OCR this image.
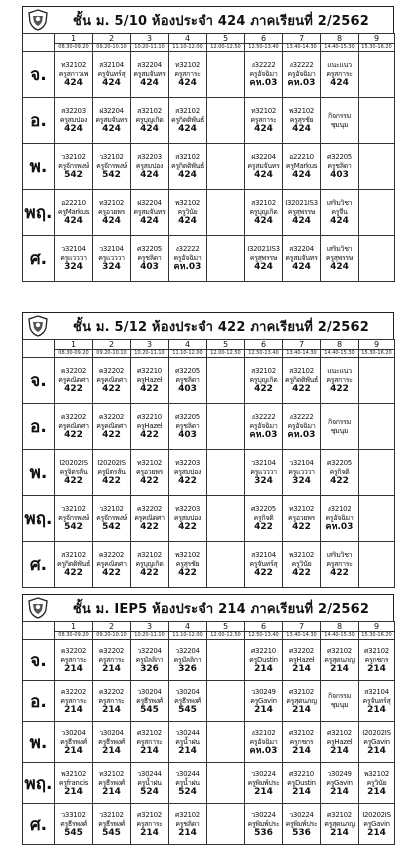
ชั้น ม. 5/10 ห้องประจำ 424 ภาคเรียนที่ 2/2562
	1	2	3	4	5	6	7	8	9
	08.30-09.20	09.20-10.10	10.20-11.10	11.10-12.00	12.00-12.50	12.50-13.40	13.40-14.30	14.40-15.30	15.30-16.20
จ.	ท32102
ครูสกาวเพ
424	ส32104
ครูจันทร์สุ
424	ส32204
ครูสมจันทร
424	ท32102
ครูสการะ
424		ง32222
ครูอัจฉิมา
คห.03	ง32222
ครูอัจฉิมา
คห.03	แนะแนว
ครูสการะ
424	

อ.	ส32203
ครูสมปอง
424	ฝ32204
ครูสมจันทร
424	ส32102
ครูบุญเกิด
424	ส32102
ครูกิตติพันธ์
424		ท32102
ครูสการะ
424	พ32102
ครูสุรชัย
424	กิจกรรม
ชุมนุม	

พ.	ว32102
ครูจักรพงษ์
542	ว32102
ครูจักรพงษ์
542	ส32203
ครูสมปอง
424	ส32102
ครูกิตติพันธ์
424		ฝ32204
ครูสมจันทร
424	อ22210
ครูMarkus
424	ศ32205
ครูชลิดา
403	

พฤ.	อ22210
ครูMarkus
424	ท32102
ครูอวยพร
424	ฝ32204
ครูสมจันทร
424	พ32102
ครูวินัย
424		ส32102
ครูบุญเกิด
424	I32021IS3
ครูสุพรรษ
424	เสริมวิชา
ครูจีน
424	

ศ.	ว32104
ครูแวววา
324	ว32104
ครูแวววา
324	ศ32205
ครูชลิดา
403	ง32222
ครูอัจฉิมา
คห.03		I32021IS3
ครูสุพรรษ
424	ส32204
ครูสมจันทร
424	เสริมวิชา
ครูสุพรรษ
424	

ชั้น ม. 5/12 ห้องประจำ 422 ภาคเรียนที่ 2/2562
	1	2	3	4	5	6	7	8	9
	08.30-09.20	09.20-10.10	10.20-11.10	11.10-12.00	12.00-12.50	12.50-13.40	13.40-14.30	14.40-15.30	15.30-16.20
จ.	ค32202
ครูคณิตศา
422	ค32202
ครูคณิตศา
422	ศ32210
ครูHazel
422	ศ32205
ครูชลิดา
403		ส32102
ครูบุญเกิด
422	ส32102
ครูกิตติพันธ์
422	แนะแนว
ครูสการะ
422	

อ.	ค32202
ครูคณิตศา
422	ค32202
ครูคณิตศา
422	ศ32210
ครูHazel
422	ศ32205
ครูชลิดา
403		ง32222
ครูอัจฉิมา
คห.03	ง32222
ครูอัจฉิมา
คห.03	กิจกรรม
ชุมนุม	

พ.	I20202IS
ครูจิตรลัน
422	I20202IS
ครูมิตรลัน
422	ท32102
ครูอวยพร
422	ท32203
ครูสมปอง
422		ว32104
ครูแวววา
324	ว32104
ครูแวววา
324	ศ32205
ครูกิจติ
422	

พฤ.	ว32102
ครูจักรพงษ์
542	ว32102
ครูจักรพงษ์
542	ค32202
ครูคณิตศา
422	ท32203
ครูสมปอง
422		ศ32205
ครูกิจติ
422	ท32102
ครูอวยพร
422	ง32102
ครูอัจฉิมา
คห.03	

ศ.	ส32102
ครูกิตติพันธ์
422	ค32202
ครูคณิตศา
422	ส32102
ครูบุญเกิด
422	พ32102
ครูสุรชัย
422		ส32104
ครูจันทร์สุ
422	พ32102
ครูวินัย
422	เสริมวิชา
ครูสการะ
422	

ชั้น ม. IEP5 ห้องประจำ 214 ภาคเรียนที่ 2/2562
	1	2	3	4	5	6	7	8	9
	08.30-09.20	09.20-10.10	10.20-11.10	11.10-12.00	12.00-12.50	12.50-13.40	13.40-14.30	14.40-15.30	15.30-16.20
จ.	ค32202
ครูสการะ
214	ค32202
ครูสการะ
214	ว32204
ครูมัลลิกา
326	ว32204
ครูมัลลิกา
326		ศ32210
ครูDustin
214	ศ32202
ครูHazel
214	ศ32102
ครูสุดนภญ
214	ศ32102
ครูกชกร
214

อ.	ค32202
ครูสการะ
214	ค32202
ครูสการะ
214	ว30204
ครูธีรพงศ์
545	ว30204
ครูธีรพงศ์
545		ว30249
ครูGavin
214	ศ32102
ครูสุดนภญ
214	กิจกรรม
ชุมนุม	ส32104
ครูจันทร์สุ
214

พ.	ว30204
ครูธีรพงศ์
214	ว30204
ครูธีรพงศ์
214	ศ32102
ครูสการะ
214	ว30244
ครูน้ำฝน
214		ง32102
ครูอัจฉิมา
คห.03	ศ32102
ครูกชกร
214	ศ32102
ครูHazel
214	I20202IS
ครูGavin
214

พฤ.	พ32102
ครูfrancis
214	ท32102
ครูธีรพงศ์
214	ว30244
ครูน้ำฝน
524	ว30244
ครูน้ำฝน
524		ว30224
ครูพิมพ์ประ
214	ศ32210
ครูDustin
214	ว30249
ครูGavin
214	พ32102
ครูวินัย
214

ศ.	ว33102
ครูธีรพงศ์
545	ว32102
ครูธีรพงศ์
545	ศ32102
ครูสการะ
214	ศ32102
ครูชลิดา
214		ว30224
ครูพิมพ์ประ
536	ว30224
ครูพิมพ์ประ
536	ศ32102
ครูสุดนภญ
214	I20202IS
ครูGavin
214
